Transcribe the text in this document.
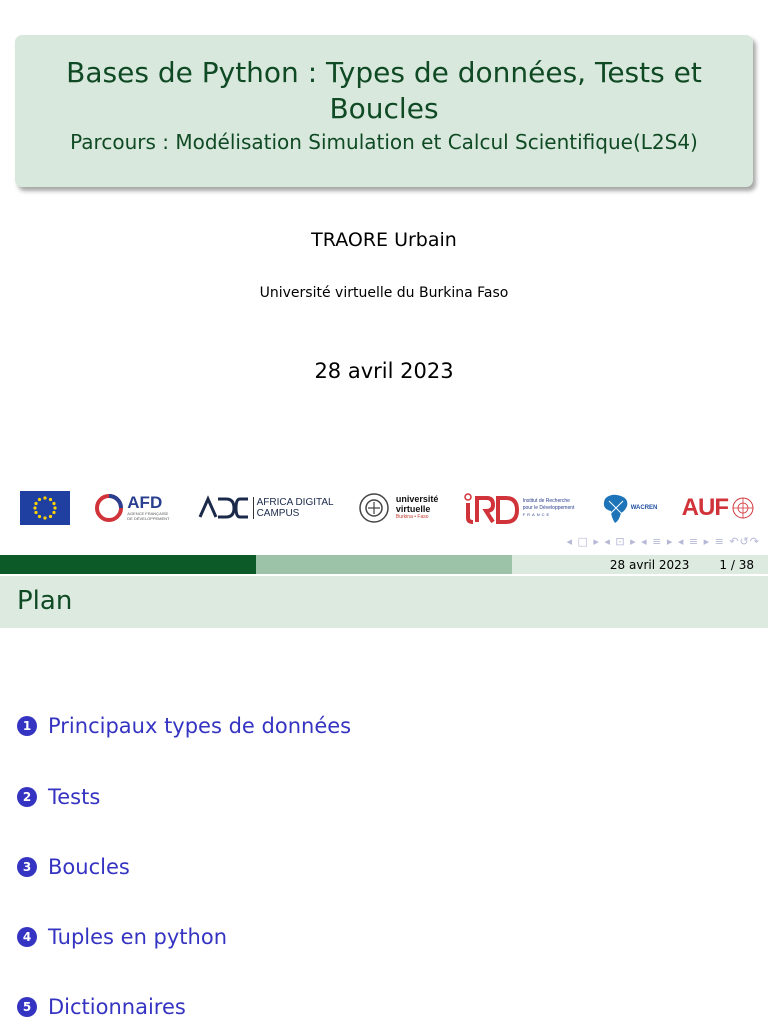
Bases de Python : Types de données, Tests et Boucles
Parcours : Modélisation Simulation et Calcul Scientifique(L2S4)
TRAORE Urbain
Université virtuelle du Burkina Faso
28 avril 2023
AFD
AGENCE FRANÇAISE DE DÉVELOPPEMENT
AFRICA DIGITAL
CAMPUS
université
virtuelle
Burkina • Faso
Institut de Recherche
pour le Développement
FRANCE
WACREN AUF
◂ □ ▸ ◂ ⊡ ▸ ◂ ≡ ▸ ◂ ≡ ▸ ≡ ↶↺↷
28 avril 2023	1 / 38
Plan
1 Principaux types de données
2 Tests
3 Boucles
4 Tuples en python
5 Dictionnaires
